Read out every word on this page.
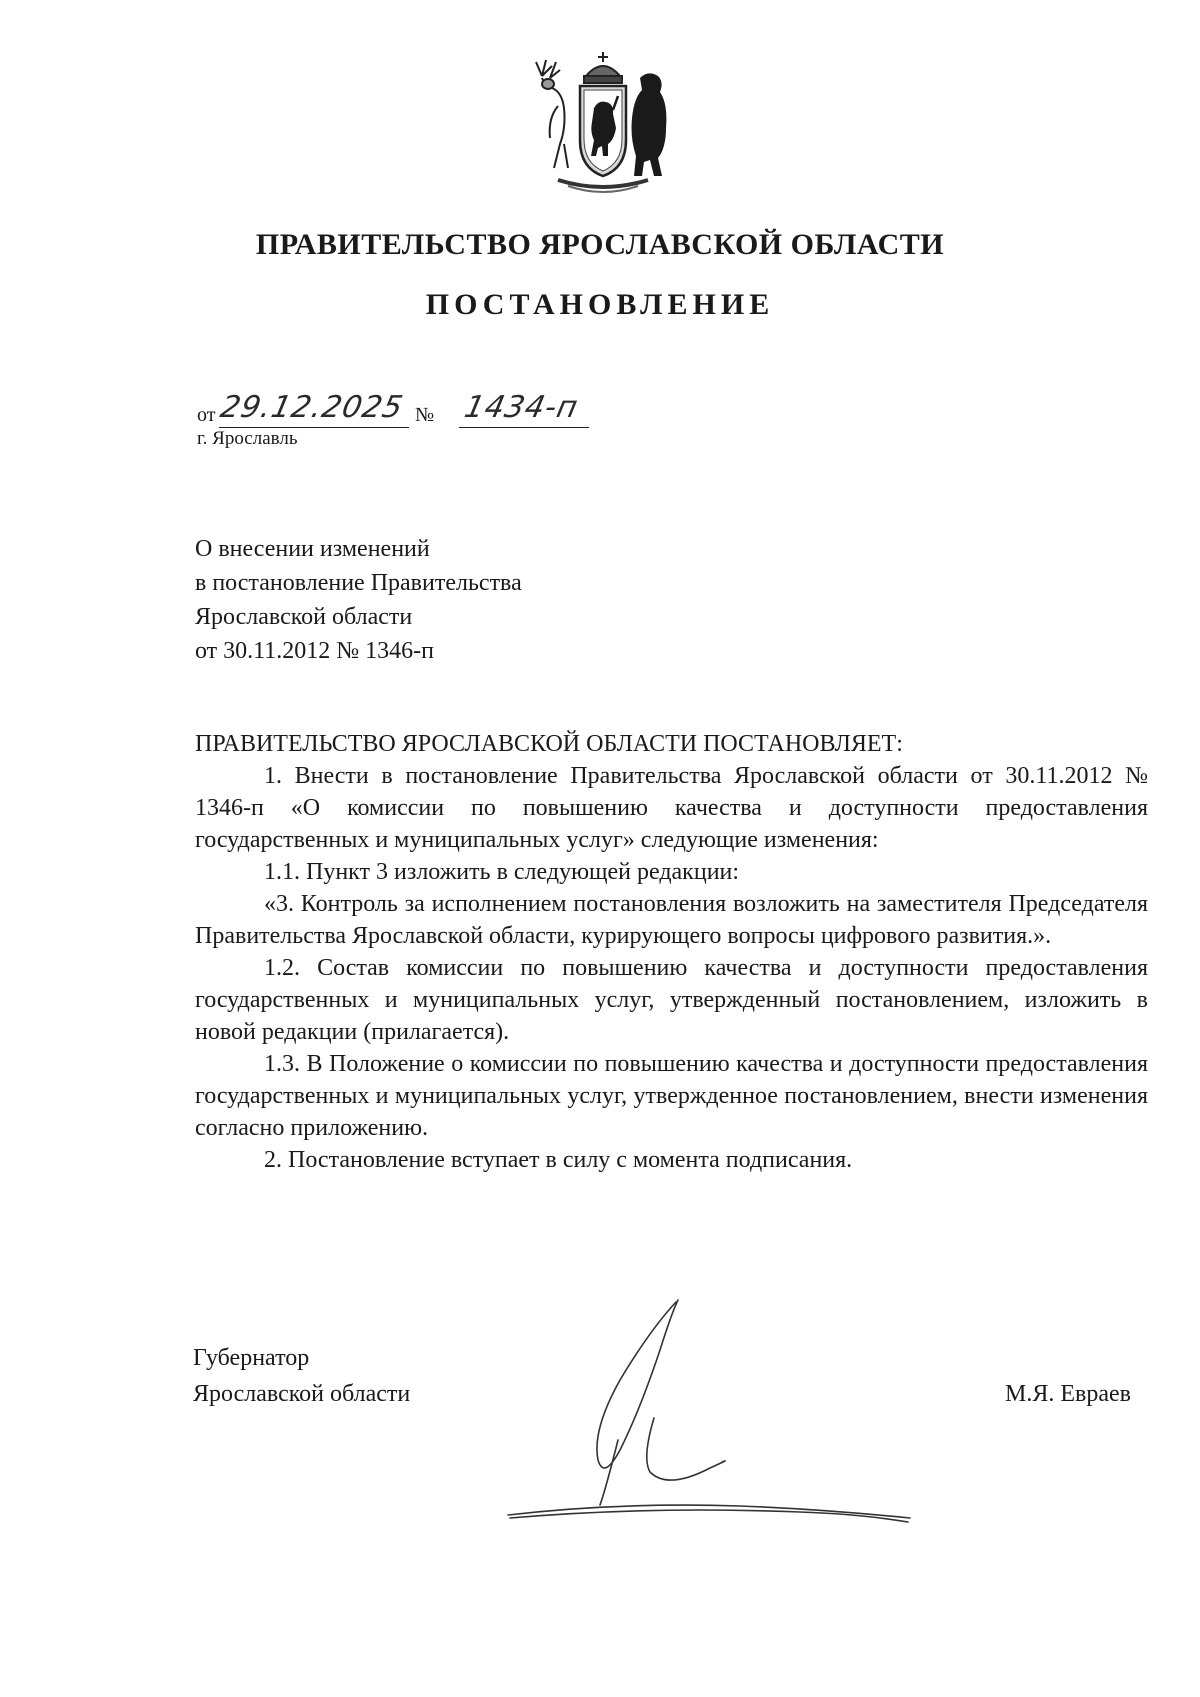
ПРАВИТЕЛЬСТВО ЯРОСЛАВСКОЙ ОБЛАСТИ
ПОСТАНОВЛЕНИЕ
от 29.12.2025 № 1434-п

г. Ярославль

О внесении изменений
в постановление Правительства
Ярославской области
от 30.11.2012 № 1346-п

ПРАВИТЕЛЬСТВО ЯРОСЛАВСКОЙ ОБЛАСТИ ПОСТАНОВЛЯЕТ:

1. Внести в постановление Правительства Ярославской области от 30.11.2012 № 1346-п «О комиссии по повышению качества и доступности предоставления государственных и муниципальных услуг» следующие изменения:

1.1. Пункт 3 изложить в следующей редакции:

«3. Контроль за исполнением постановления возложить на заместителя Председателя Правительства Ярославской области, курирующего вопросы цифрового развития.».

1.2. Состав комиссии по повышению качества и доступности предоставления государственных и муниципальных услуг, утвержденный постановлением, изложить в новой редакции (прилагается).

1.3. В Положение о комиссии по повышению качества и доступности предоставления государственных и муниципальных услуг, утвержденное постановлением, внести изменения согласно приложению.

2. Постановление вступает в силу с момента подписания.

Губернатор
Ярославской области	М.Я. Евраев
